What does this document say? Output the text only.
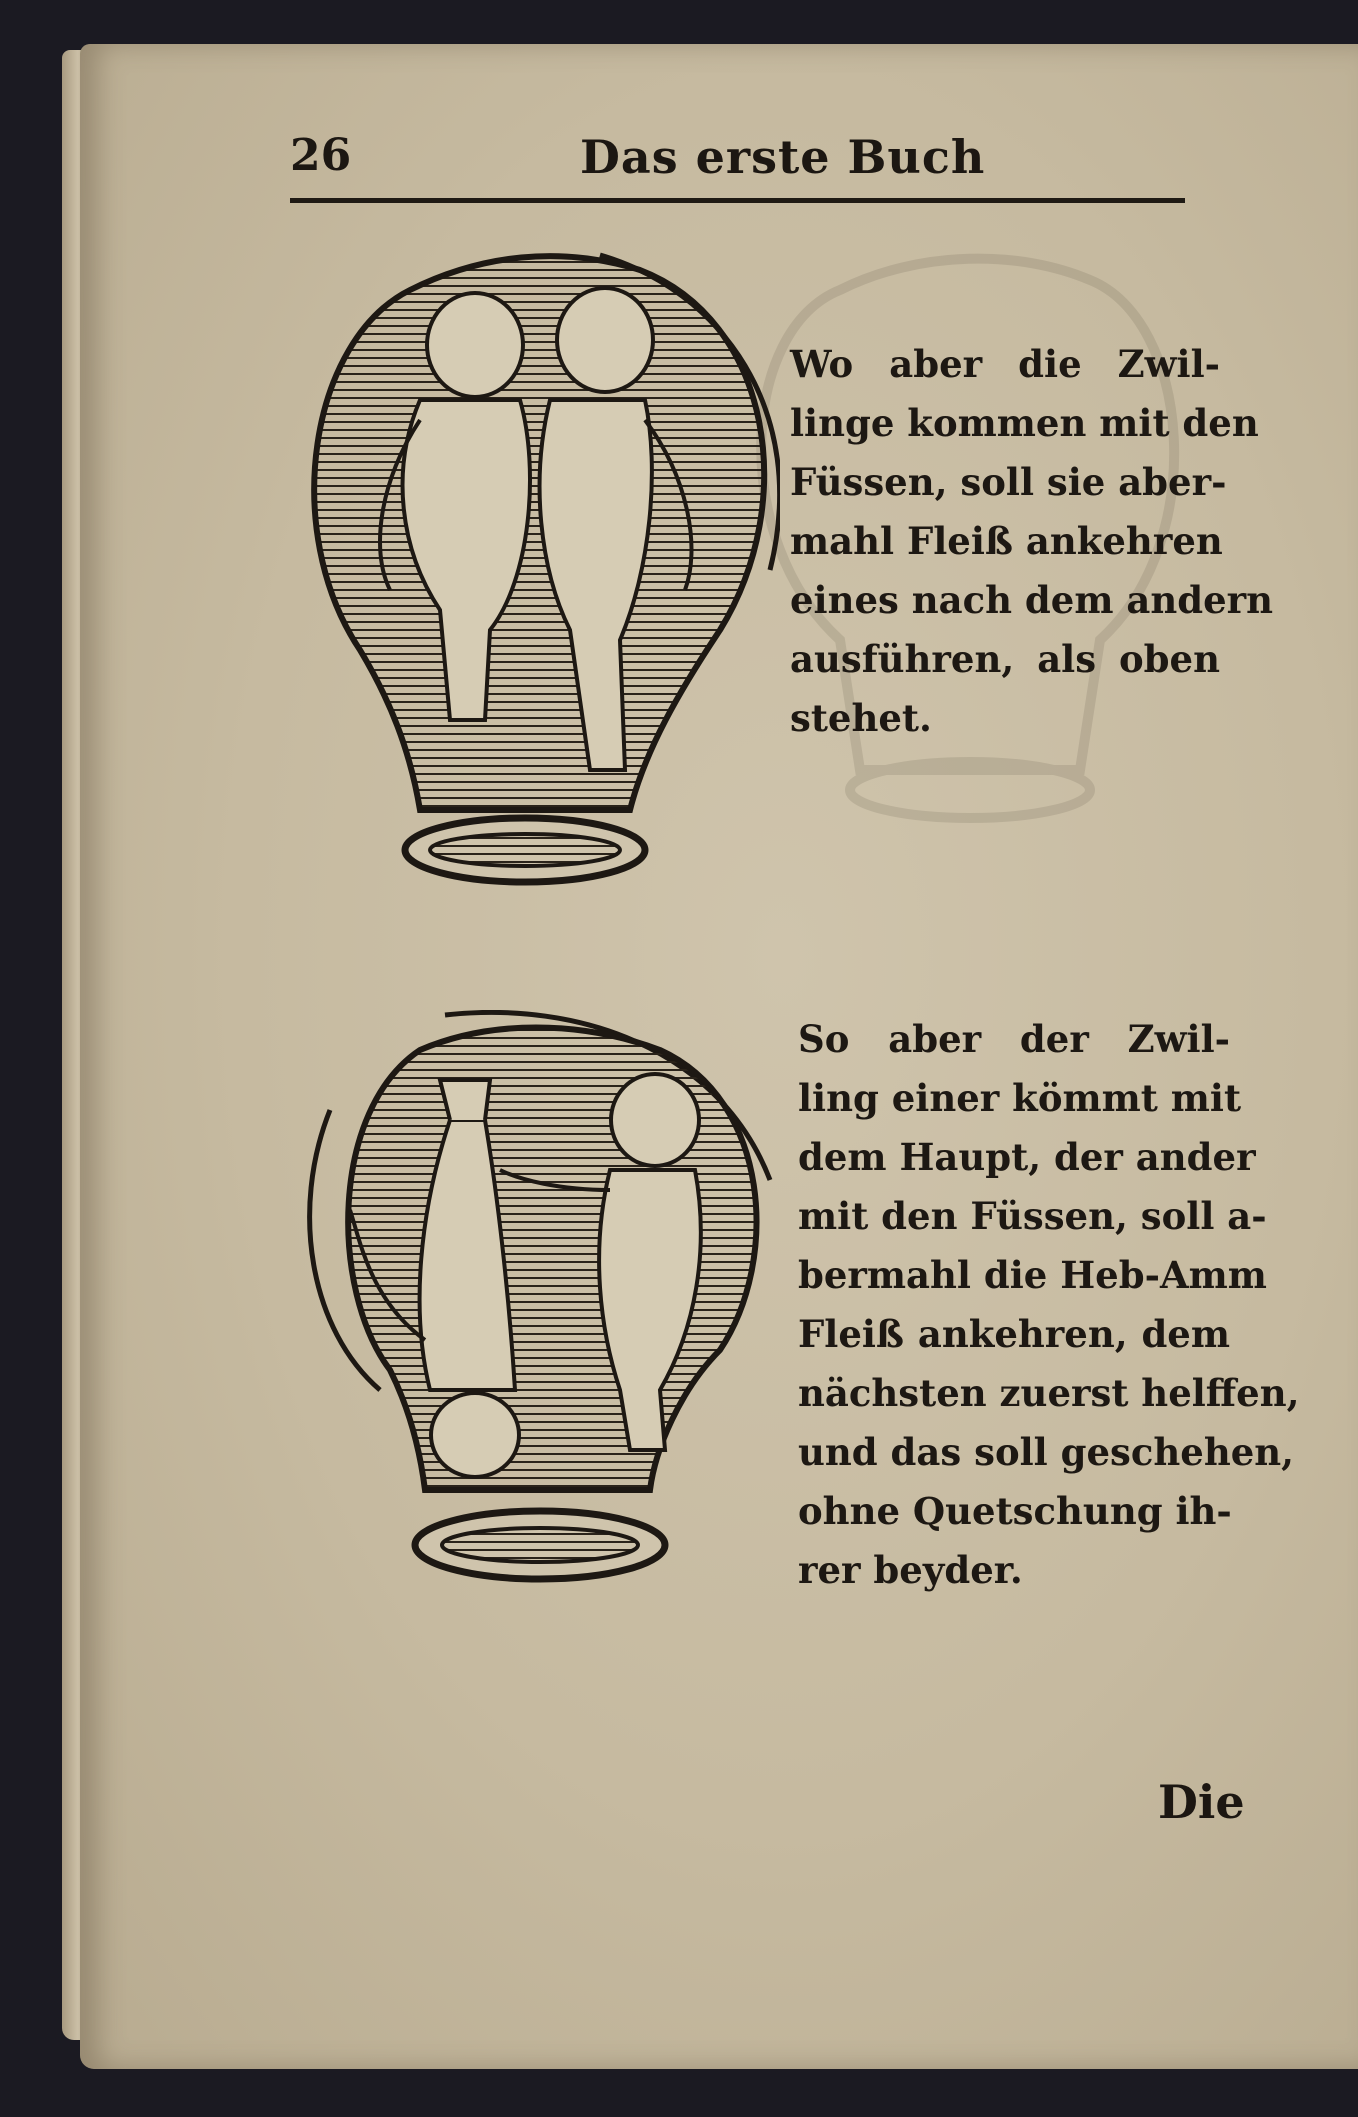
26	Das erste Buch
Wo aber die Zwil-
linge kommen mit den
Füssen, soll sie aber-
mahl Fleiß ankehren
eines nach dem andern
ausführen, als oben
stehet.
So aber der Zwil-
ling einer kömmt mit
dem Haupt, der ander
mit den Füssen, soll a-
bermahl die Heb-Amm
Fleiß ankehren, dem
nächsten zuerst helffen,
und das soll geschehen,
ohne Quetschung ih-
rer beyder.
Die
